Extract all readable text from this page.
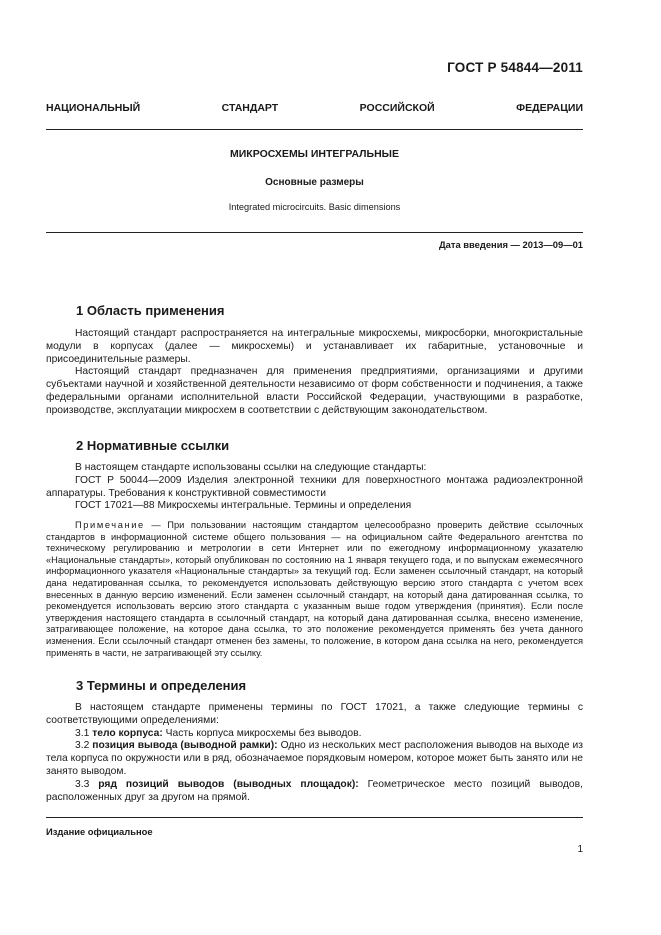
ГОСТ Р 54844—2011
НАЦИОНАЛЬНЫЙ СТАНДАРТ РОССИЙСКОЙ ФЕДЕРАЦИИ
МИКРОСХЕМЫ ИНТЕГРАЛЬНЫЕ
Основные размеры
Integrated microcircuits. Basic dimensions
Дата введения — 2013—09—01
1 Область применения

Настоящий стандарт распространяется на интегральные микросхемы, микросборки, многокристальные модули в корпусах (далее — микросхемы) и устанавливает их габаритные, установочные и присоединительные размеры.

Настоящий стандарт предназначен для применения предприятиями, организациями и другими субъектами научной и хозяйственной деятельности независимо от форм собственности и подчинения, а также федеральными органами исполнительной власти Российской Федерации, участвующими в разработке, производстве, эксплуатации микросхем в соответствии с действующим законодательством.

2 Нормативные ссылки

В настоящем стандарте использованы ссылки на следующие стандарты:

ГОСТ Р 50044—2009 Изделия электронной техники для поверхностного монтажа радиоэлектронной аппаратуры. Требования к конструктивной совместимости

ГОСТ 17021—88 Микросхемы интегральные. Термины и определения

Примечание — При пользовании настоящим стандартом целесообразно проверить действие ссылочных стандартов в информационной системе общего пользования — на официальном сайте Федерального агентства по техническому регулированию и метрологии в сети Интернет или по ежегодному информационному указателю «Национальные стандарты», который опубликован по состоянию на 1 января текущего года, и по выпускам ежемесячного информационного указателя «Национальные стандарты» за текущий год. Если заменен ссылочный стандарт, на который дана недатированная ссылка, то рекомендуется использовать действующую версию этого стандарта с учетом всех внесенных в данную версию изменений. Если заменен ссылочный стандарт, на который дана датированная ссылка, то рекомендуется использовать версию этого стандарта с указанным выше годом утверждения (принятия). Если после утверждения настоящего стандарта в ссылочный стандарт, на который дана датированная ссылка, внесено изменение, затрагивающее положение, на которое дана ссылка, то это положение рекомендуется применять без учета данного изменения. Если ссылочный стандарт отменен без замены, то положение, в котором дана ссылка на него, рекомендуется применять в части, не затрагивающей эту ссылку.

3 Термины и определения

В настоящем стандарте применены термины по ГОСТ 17021, а также следующие термины с соответствующими определениями:

3.1 тело корпуса: Часть корпуса микросхемы без выводов.

3.2 позиция вывода (выводной рамки): Одно из нескольких мест расположения выводов на выходе из тела корпуса по окружности или в ряд, обозначаемое порядковым номером, которое может быть занято или не занято выводом.

3.3 ряд позиций выводов (выводных площадок): Геометрическое место позиций выводов, расположенных друг за другом на прямой.

Издание официальное
1
